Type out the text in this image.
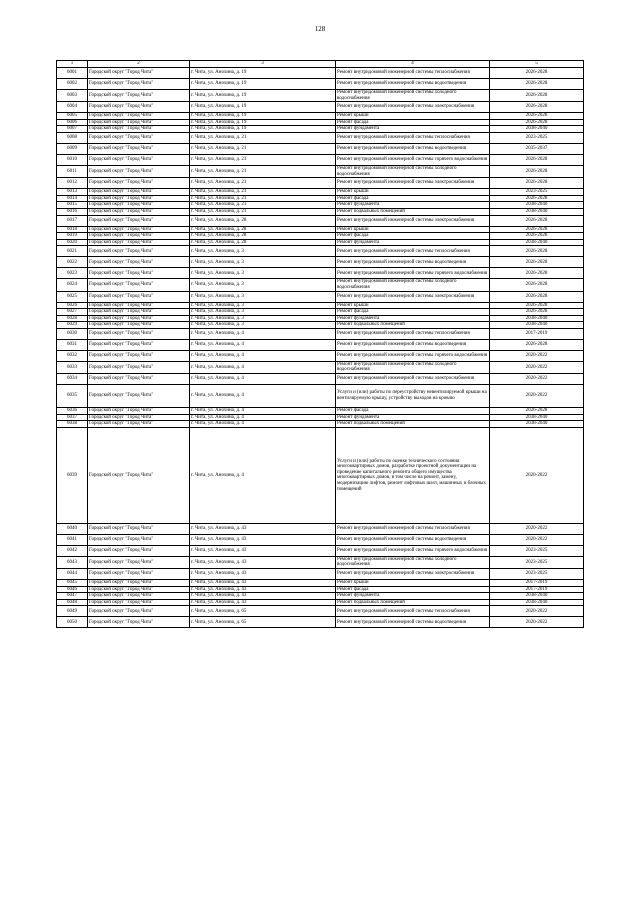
128
1	2	3	4	5
6001	Городской округ "Город Чита"	г. Чита, ул. Анохина, д. 19	Ремонт внутридомовой инженерной системы теплоснабжения	2026-2028
6002	Городской округ "Город Чита"	г. Чита, ул. Анохина, д. 19	Ремонт внутридомовой инженерной системы водоотведения	2026-2028
6003	Городской округ "Город Чита"	г. Чита, ул. Анохина, д. 19	Ремонт внутридомовой инженерной системы холодного водоснабжения	2026-2028
6004	Городской округ "Город Чита"	г. Чита, ул. Анохина, д. 19	Ремонт внутридомовой инженерной системы электроснабжения	2026-2028
6005	Городской округ "Город Чита"	г. Чита, ул. Анохина, д. 19	Ремонт крыши	2026-2028
6006	Городской округ "Город Чита"	г. Чита, ул. Анохина, д. 19	Ремонт фасада	2026-2028
6007	Городской округ "Город Чита"	г. Чита, ул. Анохина, д. 19	Ремонт фундамента	2038-2040
6008	Городской округ "Город Чита"	г. Чита, ул. Анохина, д. 21	Ремонт внутридомовой инженерной системы теплоснабжения	2023-2025
6009	Городской округ "Город Чита"	г. Чита, ул. Анохина, д. 21	Ремонт внутридомовой инженерной системы водоотведения	2035-2037
6010	Городской округ "Город Чита"	г. Чита, ул. Анохина, д. 21	Ремонт внутридомовой инженерной системы горячего водоснабжения	2026-2028
6011	Городской округ "Город Чита"	г. Чита, ул. Анохина, д. 21	Ремонт внутридомовой инженерной системы холодного водоснабжения	2026-2028
6012	Городской округ "Город Чита"	г. Чита, ул. Анохина, д. 21	Ремонт внутридомовой инженерной системы электроснабжения	2026-2028
6013	Городской округ "Город Чита"	г. Чита, ул. Анохина, д. 21	Ремонт крыши	2023-2025
6014	Городской округ "Город Чита"	г. Чита, ул. Анохина, д. 21	Ремонт фасада	2026-2028
6015	Городской округ "Город Чита"	г. Чита, ул. Анохина, д. 21	Ремонт фундамента	2038-2040
6016	Городской округ "Город Чита"	г. Чита, ул. Анохина, д. 21	Ремонт подвальных помещений	2038-2040
6017	Городской округ "Город Чита"	г. Чита, ул. Анохина, д. 28	Ремонт внутридомовой инженерной системы электроснабжения	2026-2028
6018	Городской округ "Город Чита"	г. Чита, ул. Анохина, д. 28	Ремонт крыши	2026-2028
6019	Городской округ "Город Чита"	г. Чита, ул. Анохина, д. 28	Ремонт фасада	2026-2028
6020	Городской округ "Город Чита"	г. Чита, ул. Анохина, д. 28	Ремонт фундамента	2038-2040
6021	Городской округ "Город Чита"	г. Чита, ул. Анохина, д. 3	Ремонт внутридомовой инженерной системы теплоснабжения	2026-2028
6022	Городской округ "Город Чита"	г. Чита, ул. Анохина, д. 3	Ремонт внутридомовой инженерной системы водоотведения	2026-2028
6023	Городской округ "Город Чита"	г. Чита, ул. Анохина, д. 3	Ремонт внутридомовой инженерной системы горячего водоснабжения	2026-2028
6024	Городской округ "Город Чита"	г. Чита, ул. Анохина, д. 3	Ремонт внутридомовой инженерной системы холодного водоснабжения	2026-2028
6025	Городской округ "Город Чита"	г. Чита, ул. Анохина, д. 3	Ремонт внутридомовой инженерной системы электроснабжения	2026-2028
6026	Городской округ "Город Чита"	г. Чита, ул. Анохина, д. 3	Ремонт крыши	2026-2028
6027	Городской округ "Город Чита"	г. Чита, ул. Анохина, д. 3	Ремонт фасада	2026-2028
6028	Городской округ "Город Чита"	г. Чита, ул. Анохина, д. 3	Ремонт фундамента	2038-2040
6029	Городской округ "Город Чита"	г. Чита, ул. Анохина, д. 3	Ремонт подвальных помещений	2038-2040
6030	Городской округ "Город Чита"	г. Чита, ул. Анохина, д. 4	Ремонт внутридомовой инженерной системы теплоснабжения	2017-2019
6031	Городской округ "Город Чита"	г. Чита, ул. Анохина, д. 4	Ремонт внутридомовой инженерной системы водоотведения	2026-2028
6032	Городской округ "Город Чита"	г. Чита, ул. Анохина, д. 4	Ремонт внутридомовой инженерной системы горячего водоснабжения	2020-2022
6033	Городской округ "Город Чита"	г. Чита, ул. Анохина, д. 4	Ремонт внутридомовой инженерной системы холодного водоснабжения	2020-2022
6034	Городской округ "Город Чита"	г. Чита, ул. Анохина, д. 4	Ремонт внутридомовой инженерной системы электроснабжения	2020-2022
6035	Городской округ "Город Чита"	г. Чита, ул. Анохина, д. 4	Услуги и (или) работы по переустройству невентилируемой крыши на вентилируемую крышу, устройству выходов на кровлю	2020-2022
6036	Городской округ "Город Чита"	г. Чита, ул. Анохина, д. 4	Ремонт фасада	2026-2028
6037	Городской округ "Город Чита"	г. Чита, ул. Анохина, д. 4	Ремонт фундамента	2038-2040
6038	Городской округ "Город Чита"	г. Чита, ул. Анохина, д. 4	Ремонт подвальных помещений	2038-2040
6039	Городской округ "Город Чита"	г. Чита, ул. Анохина, д. 4	Услуги и (или) работы по оценке технического состояния многоквартирных домов, разработке проектной документации на проведение капитального ремонта общего имущества многоквартирных домов, в том числе на ремонт, замену, модернизацию лифтов, ремонт лифтовых шахт, машинных и блочных помещений	2020-2022
6040	Городской округ "Город Чита"	г. Чита, ул. Анохина, д. 43	Ремонт внутридомовой инженерной системы теплоснабжения	2020-2022
6041	Городской округ "Город Чита"	г. Чита, ул. Анохина, д. 43	Ремонт внутридомовой инженерной системы водоотведения	2020-2022
6042	Городской округ "Город Чита"	г. Чита, ул. Анохина, д. 43	Ремонт внутридомовой инженерной системы горячего водоснабжения	2023-2025
6043	Городской округ "Город Чита"	г. Чита, ул. Анохина, д. 43	Ремонт внутридомовой инженерной системы холодного водоснабжения	2023-2025
6044	Городской округ "Город Чита"	г. Чита, ул. Анохина, д. 43	Ремонт внутридомовой инженерной системы электроснабжения	2023-2025
6045	Городской округ "Город Чита"	г. Чита, ул. Анохина, д. 43	Ремонт крыши	2017-2019
6046	Городской округ "Город Чита"	г. Чита, ул. Анохина, д. 43	Ремонт фасада	2017-2019
6047	Городской округ "Город Чита"	г. Чита, ул. Анохина, д. 43	Ремонт фундамента	2038-2040
6048	Городской округ "Город Чита"	г. Чита, ул. Анохина, д. 43	Ремонт подвальных помещений	2038-2040
6049	Городской округ "Город Чита"	г. Чита, ул. Анохина, д. 65	Ремонт внутридомовой инженерной системы теплоснабжения	2020-2022
6050	Городской округ "Город Чита"	г. Чита, ул. Анохина, д. 65	Ремонт внутридомовой инженерной системы водоотведения	2020-2022
